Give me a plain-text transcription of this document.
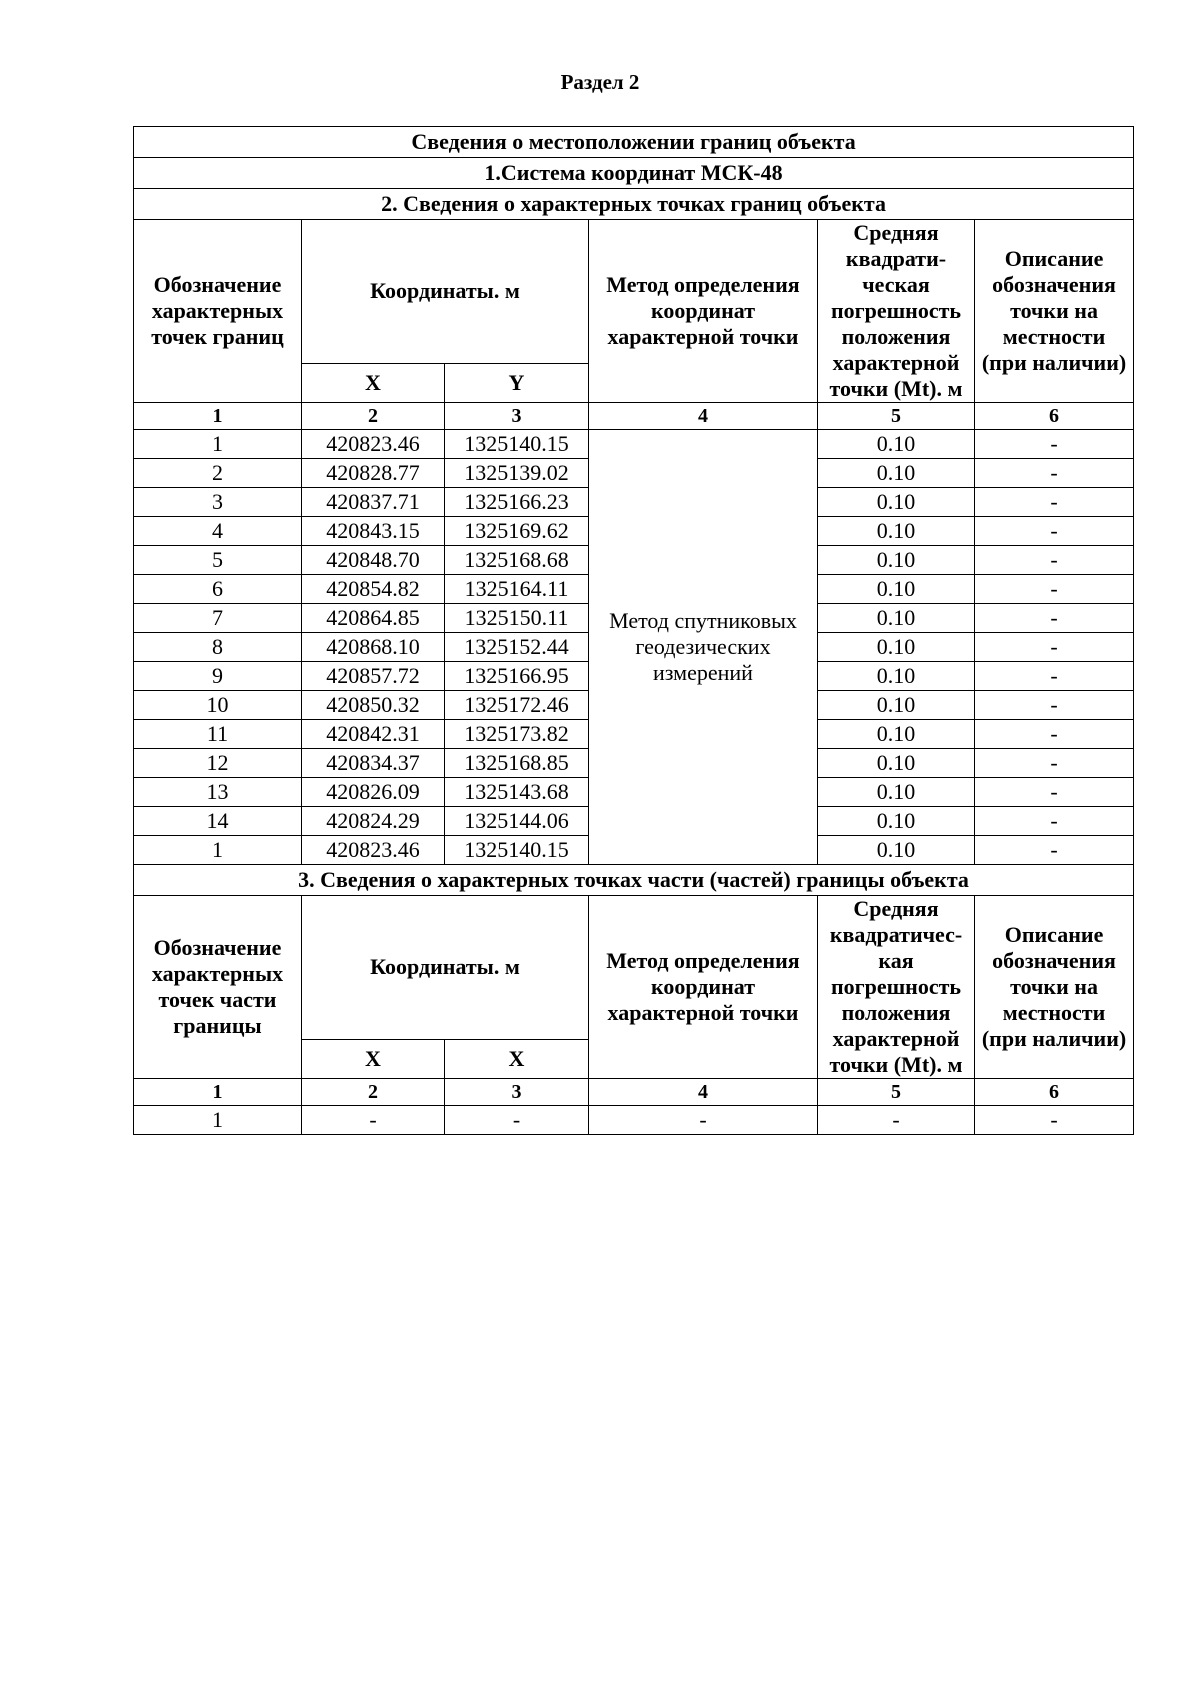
Раздел 2
Сведения о местоположении границ объекта					
1.Система координат МСК-48					
2. Сведения о характерных точках границ объекта					
Обозначение характерных точек границ	Координаты. м		Метод определения координат характерной точки	Средняя квадрати-ческая погрешность положения характерной точки (Mt). м	Описание обозначения точки на местности (при наличии)
	X	Y			
1	2	3	4	5	6
1	420823.46	1325140.15	Метод спутниковых геодезических измерений	0.10	-
2	420828.77	1325139.02		0.10	-
3	420837.71	1325166.23		0.10	-
4	420843.15	1325169.62		0.10	-
5	420848.70	1325168.68		0.10	-
6	420854.82	1325164.11		0.10	-
7	420864.85	1325150.11		0.10	-
8	420868.10	1325152.44		0.10	-
9	420857.72	1325166.95		0.10	-
10	420850.32	1325172.46		0.10	-
11	420842.31	1325173.82		0.10	-
12	420834.37	1325168.85		0.10	-
13	420826.09	1325143.68		0.10	-
14	420824.29	1325144.06		0.10	-
1	420823.46	1325140.15		0.10	-
3. Сведения о характерных точках части (частей) границы объекта					
Обозначение характерных точек части границы	Координаты. м		Метод определения координат характерной точки	Средняя квадратичес-кая погрешность положения характерной точки (Mt). м	Описание обозначения точки на местности (при наличии)
	X	X			
1	2	3	4	5	6
1	-	-	-	-	-
